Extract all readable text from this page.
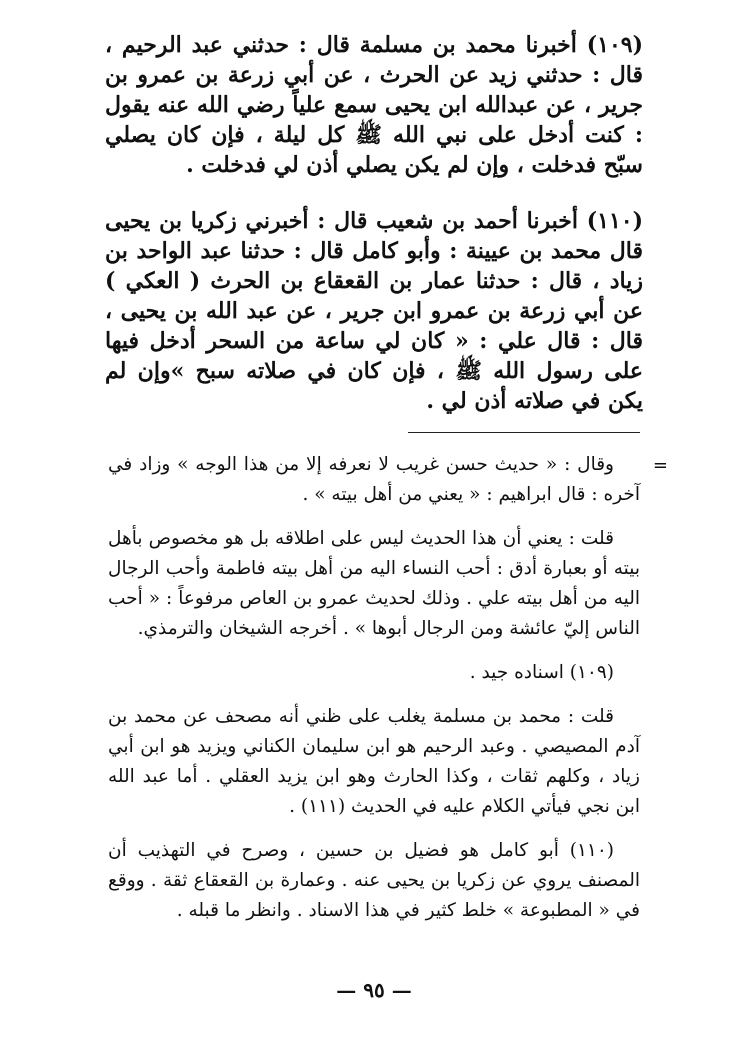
(١٠٩) أخبرنا محمد بن مسلمة قال : حدثني عبد الرحيم ، قال : حدثني زيد عن الحرث ، عن أبي زرعة بن عمرو بن جرير ، عن عبدالله ابن يحيى سمع علياً رضي الله عنه يقول : كنت أدخل على نبي الله ﷺ كل ليلة ، فإن كان يصلي سبّح فدخلت ، وإن لم يكن يصلي أذن لي فدخلت .

(١١٠) أخبرنا أحمد بن شعيب قال : أخبرني زكريا بن يحيى قال محمد بن عيينة : وأبو كامل قال : حدثنا عبد الواحد بن زياد ، قال : حدثنا عمار بن القعقاع بن الحرث ( العكي ) عن أبي زرعة بن عمرو ابن جرير ، عن عبد الله بن يحيى ، قال : قال علي : « كان لي ساعة من السحر أدخل فيها على رسول الله ﷺ ، فإن كان في صلاته سبح »وإن لم يكن في صلاته أذن لي .

=

وقال : « حديث حسن غريب لا نعرفه إلا من هذا الوجه » وزاد في آخره : قال ابراهيم : « يعني من أهل بيته » .

قلت : يعني أن هذا الحديث ليس على اطلاقه بل هو مخصوص بأهل بيته أو بعبارة أدق : أحب النساء اليه من أهل بيته فاطمة وأحب الرجال اليه من أهل بيته علي . وذلك لحديث عمرو بن العاص مرفوعاً : « أحب الناس إليّ عائشة ومن الرجال أبوها » . أخرجه الشيخان والترمذي.

(١٠٩) اسناده جيد .

قلت : محمد بن مسلمة يغلب على ظني أنه مصحف عن محمد بن آدم المصيصي . وعبد الرحيم هو ابن سليمان الكناني ويزيد هو ابن أبي زياد ، وكلهم ثقات ، وكذا الحارث وهو ابن يزيد العقلي . أما عبد الله ابن نجي فيأتي الكلام عليه في الحديث (١١١) .

(١١٠) أبو كامل هو فضيل بن حسين ، وصرح في التهذيب أن المصنف يروي عن زكريا بن يحيى عنه . وعمارة بن القعقاع ثقة . ووقع في « المطبوعة » خلط كثير في هذا الاسناد . وانظر ما قبله .

— ٩٥ —
